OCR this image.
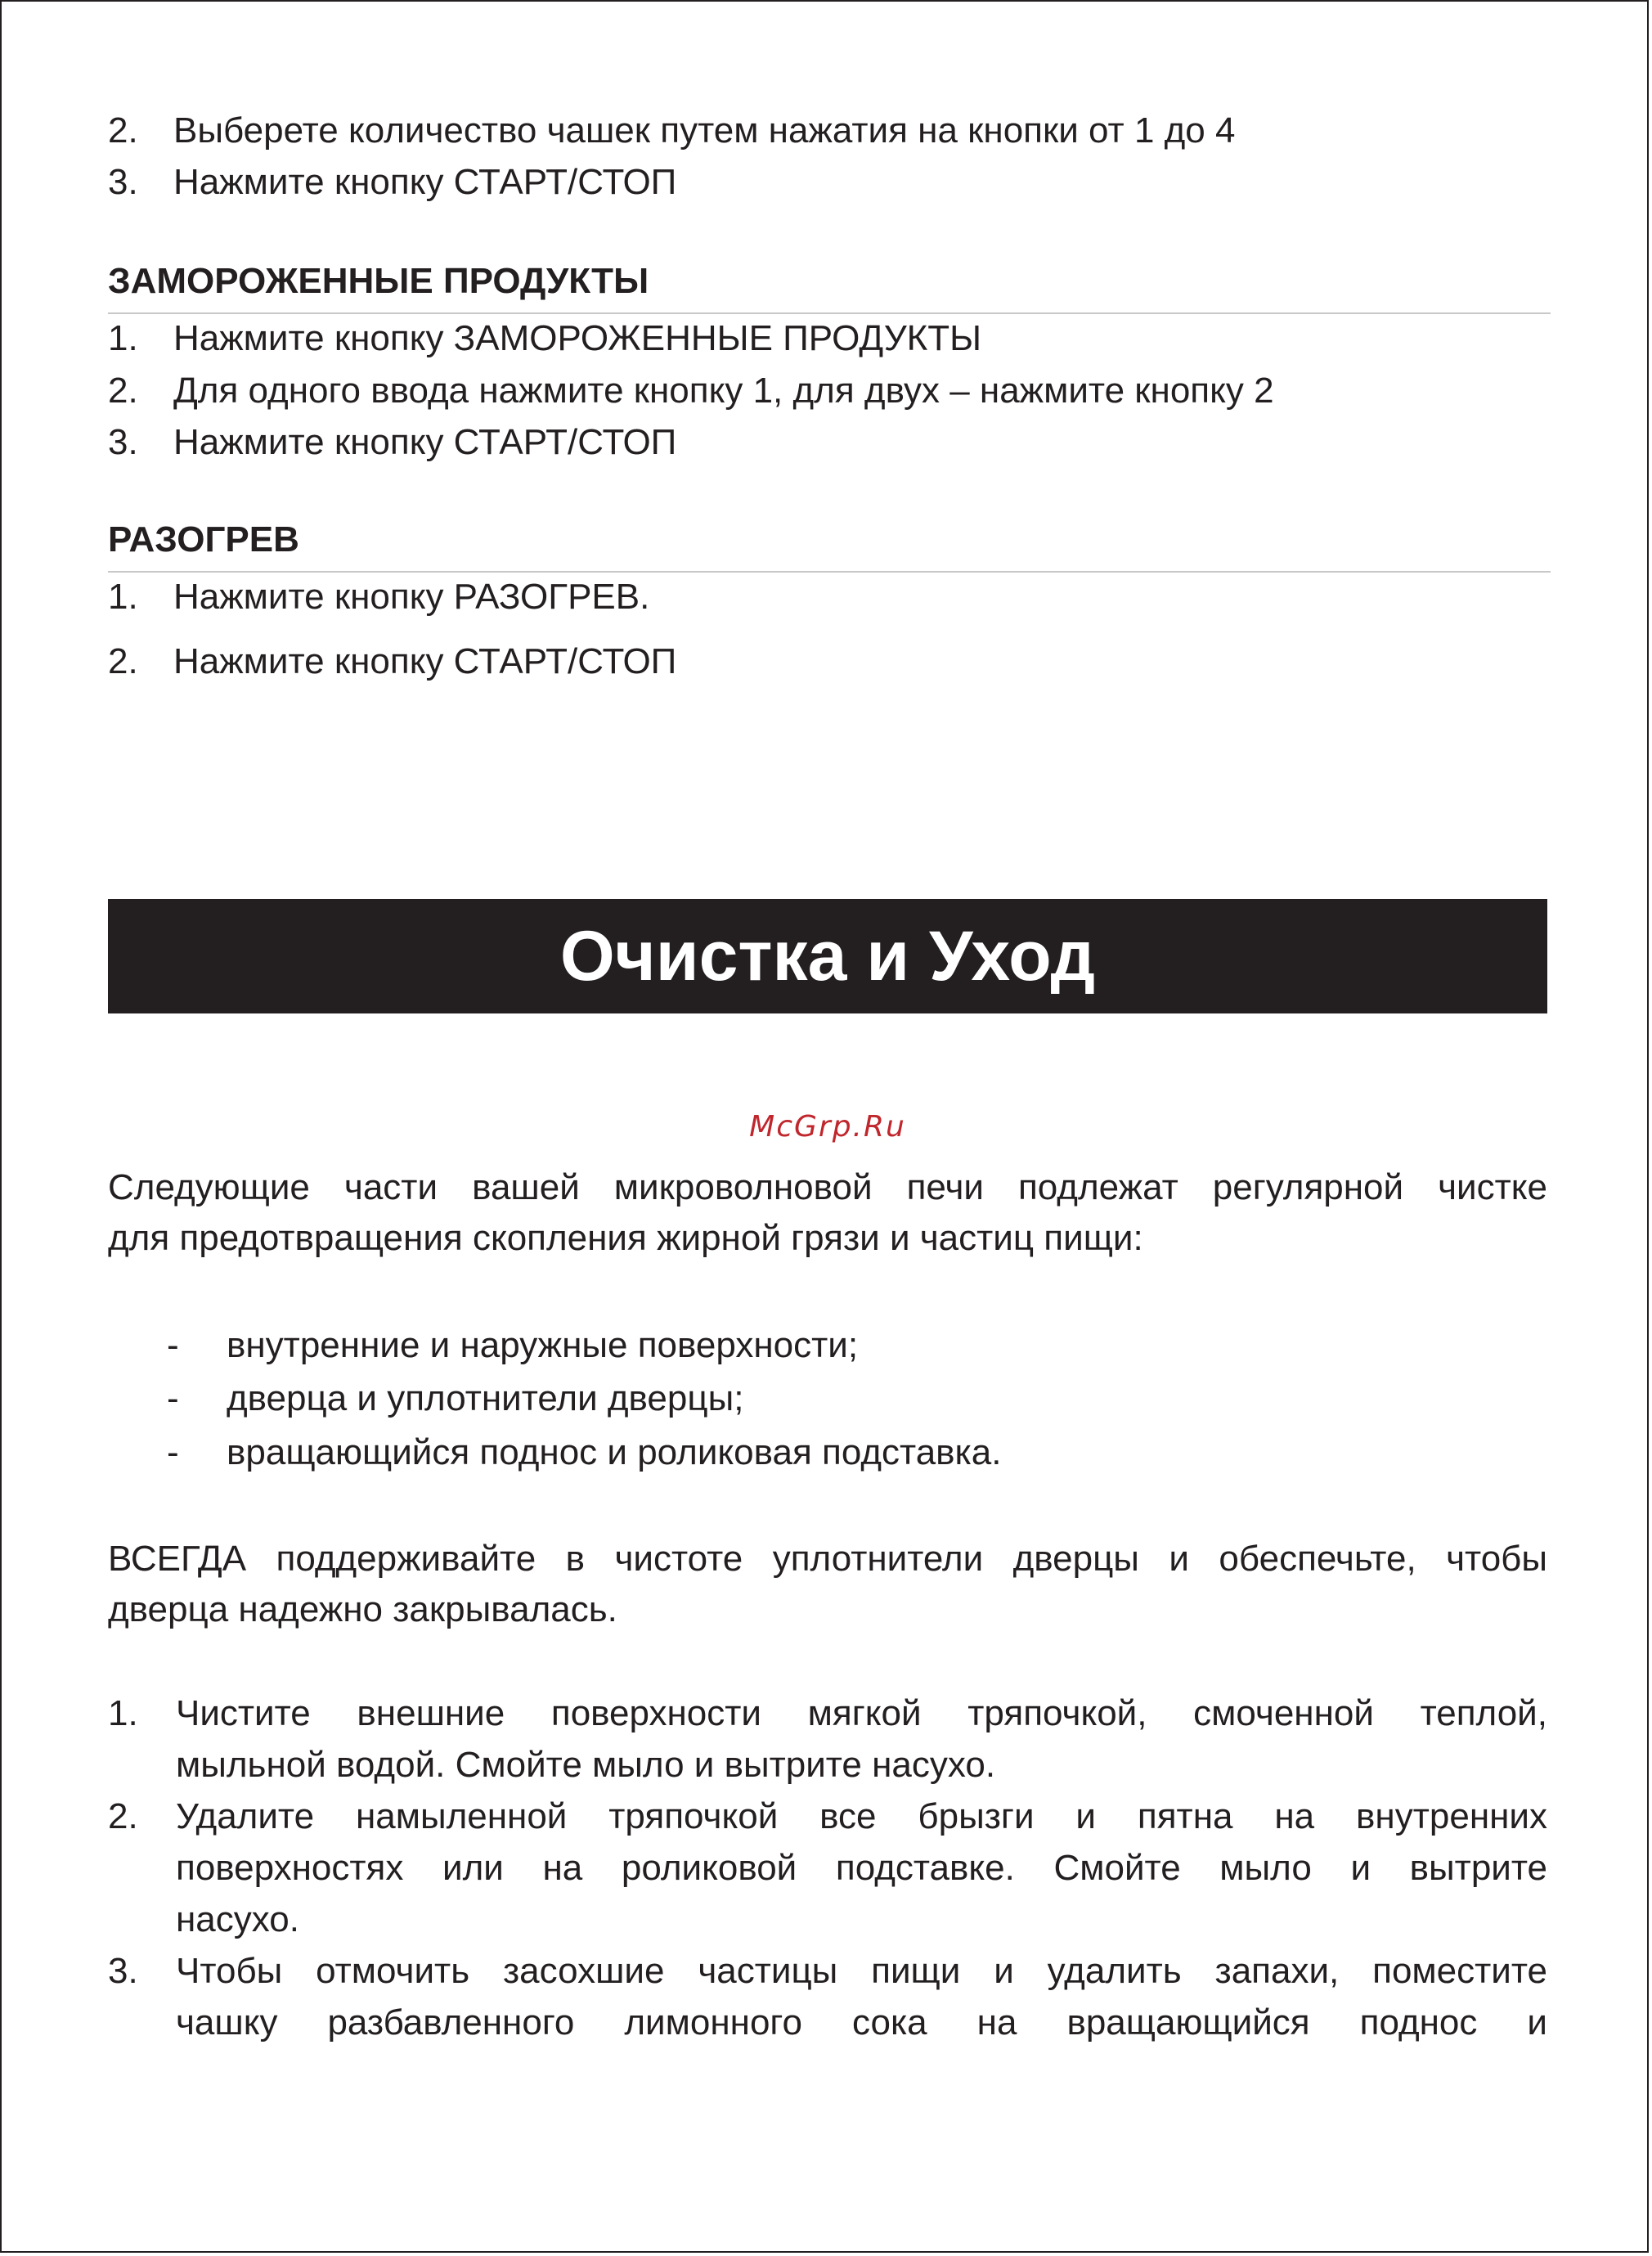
2. Выберете количество чашек путем нажатия на кнопки от 1 до 4
3. Нажмите кнопку СТАРТ/СТОП
ЗАМОРОЖЕННЫЕ ПРОДУКТЫ
1. Нажмите кнопку ЗАМОРОЖЕННЫЕ ПРОДУКТЫ
2. Для одного ввода нажмите кнопку 1, для двух – нажмите кнопку 2
3. Нажмите кнопку СТАРТ/СТОП
РАЗОГРЕВ
1. Нажмите кнопку РАЗОГРЕВ.
2. Нажмите кнопку СТАРТ/СТОП
Очистка и Уход
McGrp.Ru
Следующие части вашей микроволновой печи подлежат регулярной чистке
для предотвращения скопления жирной грязи и частиц пищи:
- внутренние и наружные поверхности;
- дверца и уплотнители дверцы;
- вращающийся поднос и роликовая подставка.
ВСЕГДА поддерживайте в чистоте уплотнители дверцы и обеспечьте, чтобы
дверца надежно закрывалась.
1.	Чистите внешние поверхности мягкой тряпочкой, смоченной теплой,
мыльной водой. Смойте мыло и вытрите насухо.
2.	Удалите намыленной тряпочкой все брызги и пятна на внутренних
поверхностях или на роликовой подставке. Смойте мыло и вытрите
насухо.
3.	Чтобы отмочить засохшие частицы пищи и удалить запахи, поместите
чашку разбавленного лимонного сока на вращающийся поднос и
